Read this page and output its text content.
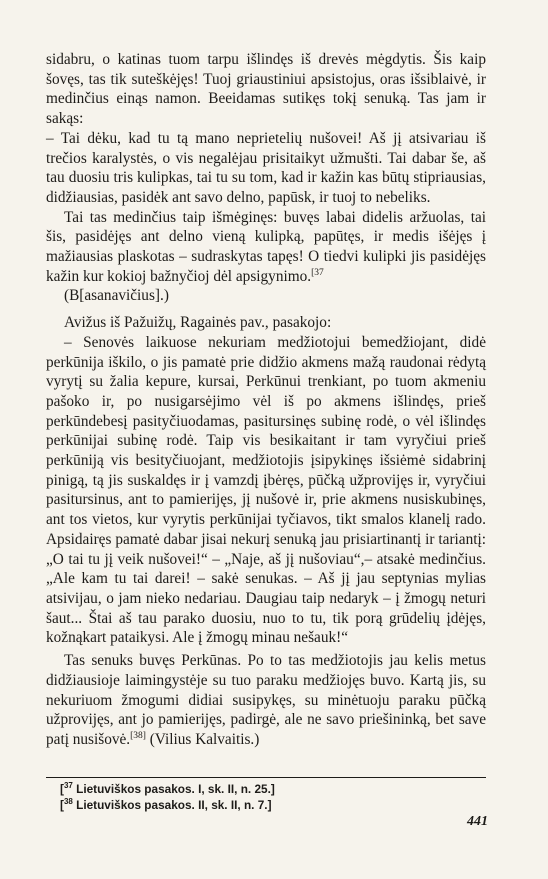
sidabru, o katinas tuom tarpu išlindęs iš drevės mėgdytis. Šis kaip šovęs, tas tik suteškėjęs! Tuoj griaustiniui apsistojus, oras išsiblaivė, ir medinčius einąs namon. Beeidamas sutikęs tokį senuką. Tas jam ir sakąs:

– Tai dėku, kad tu tą mano neprietelių nušovei! Aš jį atsivariau iš trečios karalystės, o vis negalėjau prisitaikyt užmušti. Tai dabar še, aš tau duosiu tris kulipkas, tai tu su tom, kad ir kažin kas būtų stipriausias, didžiausias, pasidėk ant savo delno, papūsk, ir tuoj to nebeliks.

Tai tas medinčius taip išmėginęs: buvęs labai didelis aržuolas, tai šis, pasidėjęs ant delno vieną kulipką, papūtęs, ir medis išėjęs į mažiausias plaskotas – sudraskytas tapęs! O tiedvi kulipki jis pasidėjęs kažin kur kokioj bažnyčioj dėl apsigynimo.$^{[37}$

(B[asanavičius].)

Avižus iš Pažuižų, Ragainės pav., pasakojo:

– Senovės laikuose nekuriam medžiotojui bemedžiojant, didė perkūnija iškilo, o jis pamatė prie didžio akmens mažą raudonai rėdytą vyrytį su žalia kepure, kursai, Perkūnui trenkiant, po tuom akmeniu pašoko ir, po nusigarsėjimo vėl iš po akmens išlindęs, prieš perkūndebesį pasityčiuodamas, pasitursinęs subinę rodė, o vėl išlindęs perkūnijai subinę rodė. Taip vis besikaitant ir tam vyryčiui prieš perkūniją vis besityčiuojant, medžiotojis įsipykinęs išsiėmė sidabrinį pinigą, tą jis suskaldęs ir į vamzdį įbėręs, pūčką užprovijęs ir, vyryčiui pasitursinus, ant to pamierijęs, jį nušovė ir, prie akmens nusiskubinęs, ant tos vietos, kur vyrytis perkūnijai tyčiavos, tikt smalos klanelį rado. Apsidairęs pamatė dabar jisai nekurį senuką jau prisiartinantį ir tariantį: „O tai tu jį veik nušovei!“ – „Naje, aš jį nušoviau“,– atsakė medinčius. „Ale kam tu tai darei! – sakė senukas. – Aš jį jau septynias mylias atsivijau, o jam nieko nedariau. Daugiau taip nedaryk – į žmogų neturi šaut... Štai aš tau parako duosiu, nuo to tu, tik porą grūdelių įdėjęs, kožnąkart pataikysi. Ale į žmogų minau nešauk!“

Tas senuks buvęs Perkūnas. Po to tas medžiotojis jau kelis metus didžiausioje laimingystėje su tuo paraku medžiojęs buvo. Kartą jis, su nekuriuom žmogumi didiai susipykęs, su minėtuoju paraku pūčką užprovijęs, ant jo pamierijęs, padirgė, ale ne savo priešininką, bet save patį nusišovė.[38] (Vilius Kalvaitis.)

[$^{37}$ Lietuviškos pasakos. I, sk. II, n. 25.]

[$^{38}$ Lietuviškos pasakos. II, sk. II, n. 7.]

441
